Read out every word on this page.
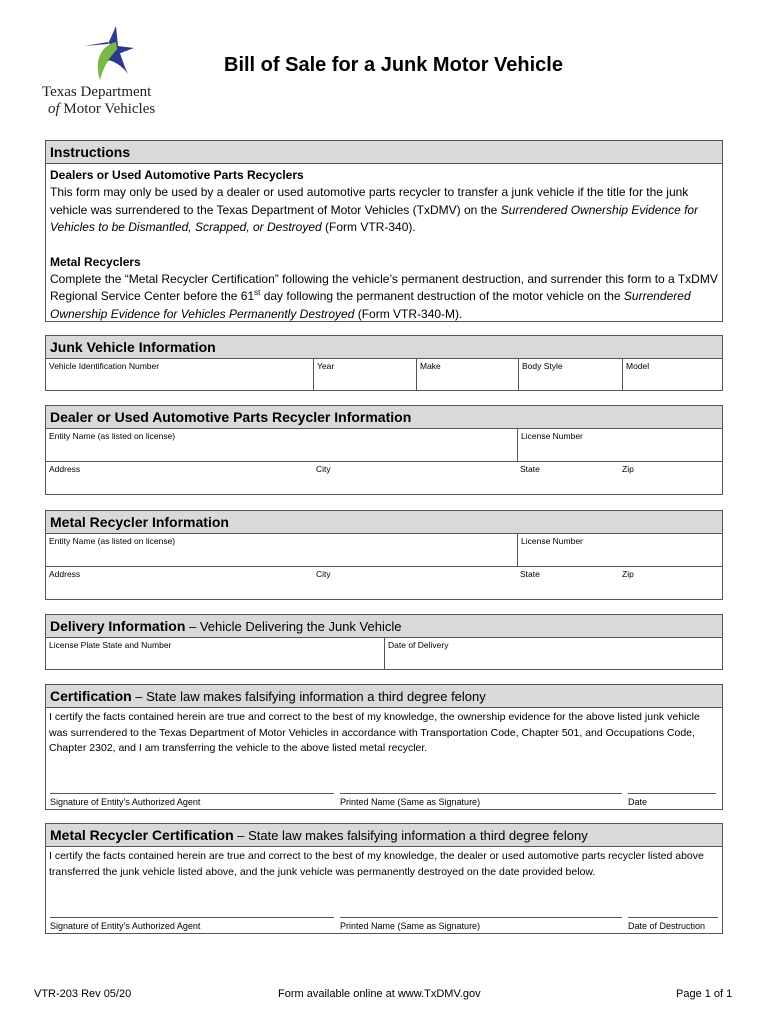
Texas Department
of Motor Vehicles
Bill of Sale for a Junk Motor Vehicle
Instructions
Dealers or Used Automotive Parts Recyclers
This form may only be used by a dealer or used automotive parts recycler to transfer a junk vehicle if the title for the junk vehicle was surrendered to the Texas Department of Motor Vehicles (TxDMV) on the Surrendered Ownership Evidence for Vehicles to be Dismantled, Scrapped, or Destroyed (Form VTR-340).
Metal Recyclers
Complete the “Metal Recycler Certification” following the vehicle’s permanent destruction, and surrender this form to a TxDMV Regional Service Center before the 61st day following the permanent destruction of the motor vehicle on the Surrendered Ownership Evidence for Vehicles Permanently Destroyed (Form VTR-340-M).
Junk Vehicle Information
Vehicle Identification Number	Year	Make	Body Style	Model
Dealer or Used Automotive Parts Recycler Information
Entity Name (as listed on license)	License Number
Address	City	State	Zip
Metal Recycler Information
Entity Name (as listed on license)	License Number
Address	City	State	Zip
Delivery Information – Vehicle Delivering the Junk Vehicle
License Plate State and Number	Date of Delivery
Certification – State law makes falsifying information a third degree felony
I certify the facts contained herein are true and correct to the best of my knowledge, the ownership evidence for the above listed junk vehicle was surrendered to the Texas Department of Motor Vehicles in accordance with Transportation Code, Chapter 501, and Occupations Code, Chapter 2302, and I am transferring the vehicle to the above listed metal recycler.
Signature of Entity’s Authorized Agent	Printed Name (Same as Signature)	Date
Metal Recycler Certification – State law makes falsifying information a third degree felony
I certify the facts contained herein are true and correct to the best of my knowledge, the dealer or used automotive parts recycler listed above transferred the junk vehicle listed above, and the junk vehicle was permanently destroyed on the date provided below.
Signature of Entity’s Authorized Agent	Printed Name (Same as Signature)	Date of Destruction
VTR-203 Rev 05/20	Form available online at www.TxDMV.gov	Page 1 of 1
